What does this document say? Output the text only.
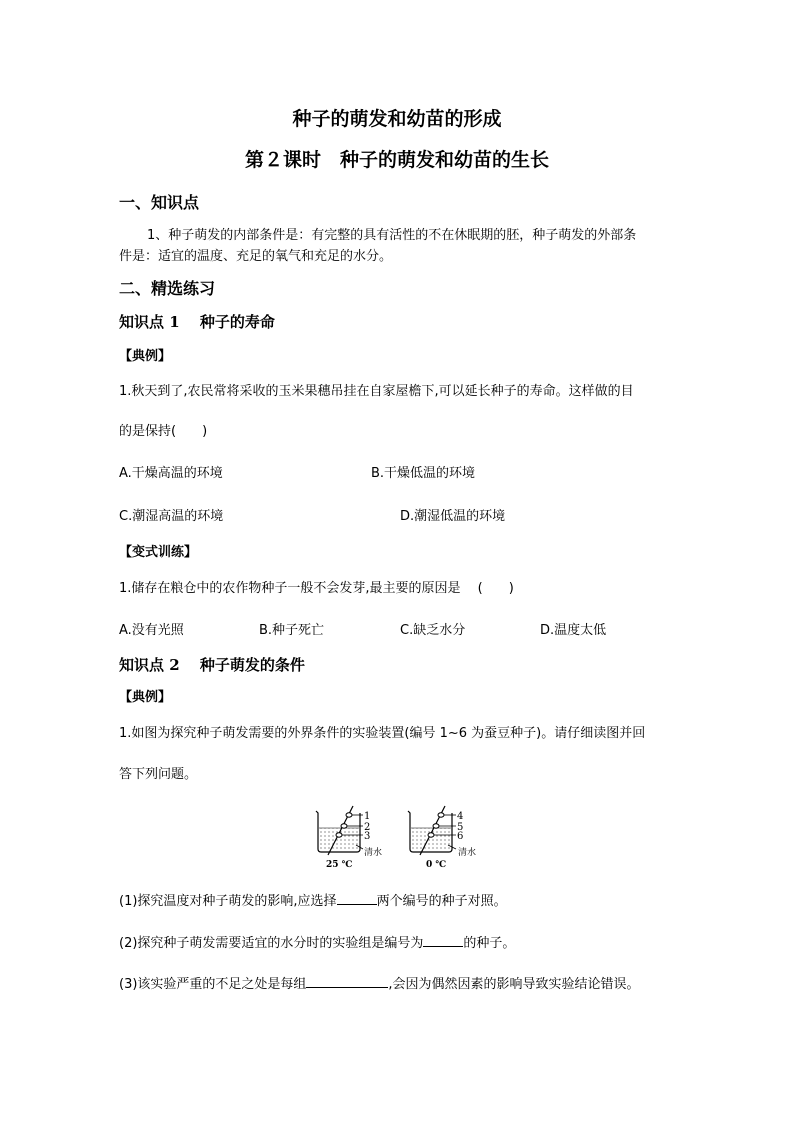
种子的萌发和幼苗的形成
第２课时　种子的萌发和幼苗的生长
一、知识点
1、种子萌发的内部条件是：有完整的具有活性的不在休眠期的胚，种子萌发的外部条
件是：适宜的温度、充足的氧气和充足的水分。
二、精选练习
知识点 1　 种子的寿命
【典例】
1.秋天到了,农民常将采收的玉米果穗吊挂在自家屋檐下,可以延长种子的寿命。这样做的目
的是保持(　　)
A.干燥高温的环境	B.干燥低温的环境
C.潮湿高温的环境	D.潮湿低温的环境
【变式训练】
1.储存在粮仓中的农作物种子一般不会发芽,最主要的原因是　 (　　)
A.没有光照	B.种子死亡	C.缺乏水分	D.温度太低
知识点 2　 种子萌发的条件
【典例】
1.如图为探究种子萌发需要的外界条件的实验装置(编号 1~6 为蚕豆种子)。请仔细读图并回
答下列问题。
1
2
3
清水
25 ℃
4
5
6
清水
0 ℃
(1)探究温度对种子萌发的影响,应选择	两个编号的种子对照。
(2)探究种子萌发需要适宜的水分时的实验组是编号为	的种子。
(3)该实验严重的不足之处是每组	,会因为偶然因素的影响导致实验结论错误。
